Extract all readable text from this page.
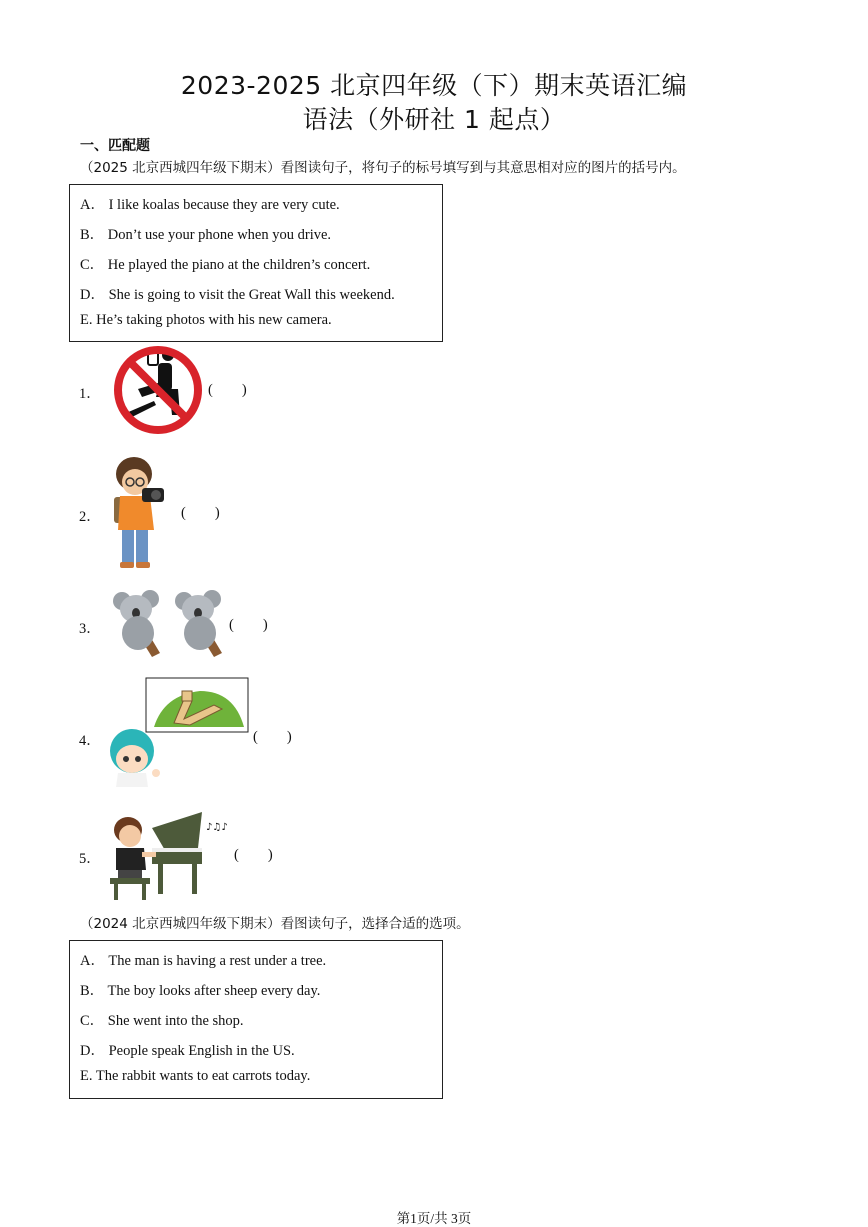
2023-2025 北京四年级（下）期末英语汇编
语法（外研社 1 起点）
一、匹配题
（2025 北京西城四年级下期末）看图读句子，将句子的标号填写到与其意思相对应的图片的括号内。
A． I like koalas because they are very cute.
B． Don’t use your phone when you drive.
C． He played the piano at the children’s concert.
D． She is going to visit the Great Wall this weekend.
E. He’s taking photos with his new camera.
1．	(        )
2．	(        )
3．	(        )
4．	(        )
5．
♪♫♪
(        )
（2024 北京西城四年级下期末）看图读句子，选择合适的选项。
A． The man is having a rest under a tree.
B． The boy looks after sheep every day.
C． She went into the shop.
D． People speak English in the US.
E. The rabbit wants to eat carrots today.
第1页/共 3页
